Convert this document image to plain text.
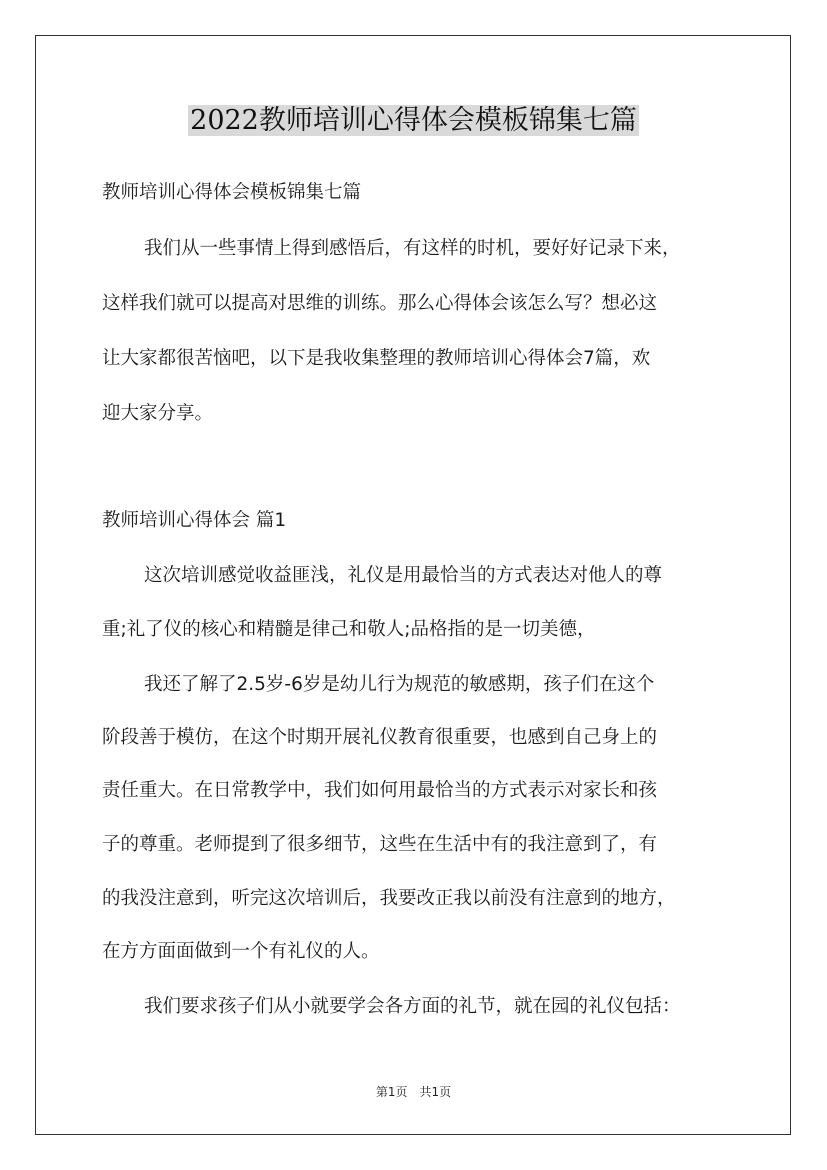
2022教师培训心得体会模板锦集七篇
教师培训心得体会模板锦集七篇
我们从一些事情上得到感悟后，有这样的时机，要好好记录下来，
这样我们就可以提高对思维的训练。那么心得体会该怎么写？想必这
让大家都很苦恼吧，以下是我收集整理的教师培训心得体会7篇，欢
迎大家分享。
教师培训心得体会 篇1
这次培训感觉收益匪浅，礼仪是用最恰当的方式表达对他人的尊
重;礼了仪的核心和精髓是律己和敬人;品格指的是一切美德，
我还了解了2.5岁-6岁是幼儿行为规范的敏感期，孩子们在这个
阶段善于模仿，在这个时期开展礼仪教育很重要，也感到自己身上的
责任重大。在日常教学中，我们如何用最恰当的方式表示对家长和孩
子的尊重。老师提到了很多细节，这些在生活中有的我注意到了，有
的我没注意到，听完这次培训后，我要改正我以前没有注意到的地方，
在方方面面做到一个有礼仪的人。
我们要求孩子们从小就要学会各方面的礼节，就在园的礼仪包括：
第1页　共1页
